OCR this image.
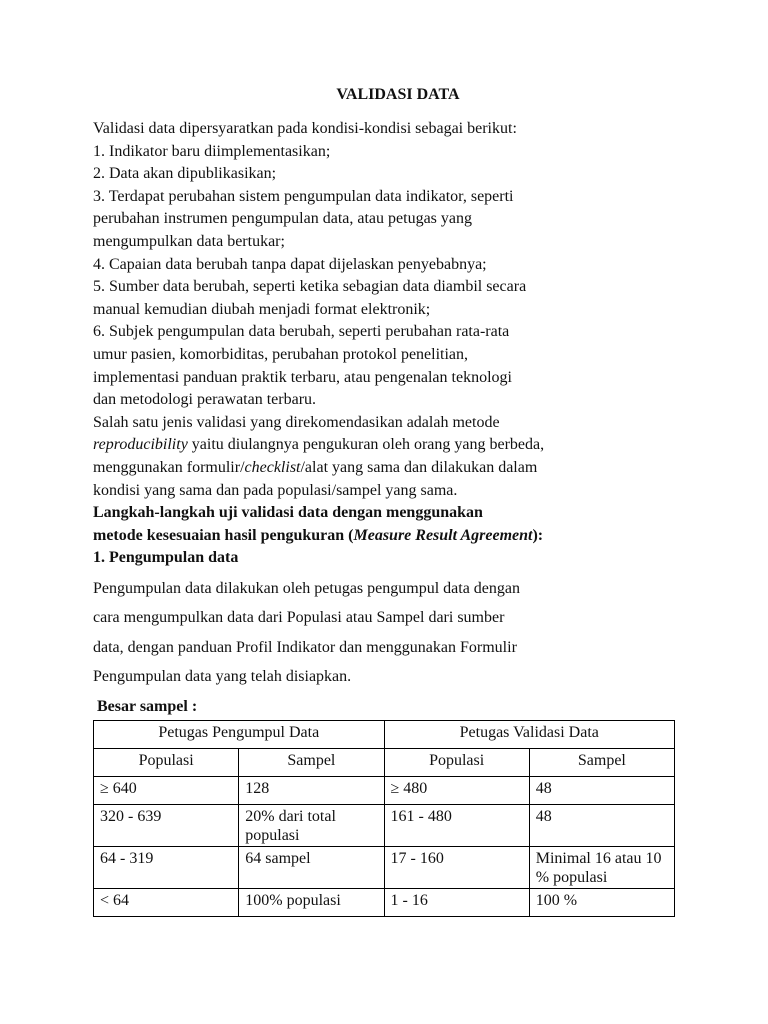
VALIDASI DATA

Validasi data dipersyaratkan pada kondisi-kondisi sebagai berikut:

1. Indikator baru diimplementasikan;

2. Data akan dipublikasikan;

3. Terdapat perubahan sistem pengumpulan data indikator, seperti

perubahan instrumen pengumpulan data, atau petugas yang

mengumpulkan data bertukar;

4. Capaian data berubah tanpa dapat dijelaskan penyebabnya;

5. Sumber data berubah, seperti ketika sebagian data diambil secara

manual kemudian diubah menjadi format elektronik;

6. Subjek pengumpulan data berubah, seperti perubahan rata-rata

umur pasien, komorbiditas, perubahan protokol penelitian,

implementasi panduan praktik terbaru, atau pengenalan teknologi

dan metodologi perawatan terbaru.

Salah satu jenis validasi yang direkomendasikan adalah metode

reproducibility yaitu diulangnya pengukuran oleh orang yang berbeda,

menggunakan formulir/checklist/alat yang sama dan dilakukan dalam

kondisi yang sama dan pada populasi/sampel yang sama.

Langkah-langkah uji validasi data dengan menggunakan

metode kesesuaian hasil pengukuran (Measure Result Agreement):

1. Pengumpulan data

Pengumpulan data dilakukan oleh petugas pengumpul data dengan

cara mengumpulkan data dari Populasi atau Sampel dari sumber

data, dengan panduan Profil Indikator dan menggunakan Formulir

Pengumpulan data yang telah disiapkan.

Besar sampel :
Petugas Pengumpul Data		Petugas Validasi Data	
Populasi	Sampel	Populasi	Sampel
≥ 640	128	≥ 480	48
320 - 639	20% dari total populasi	161 - 480	48
64 - 319	64 sampel	17 - 160	Minimal 16 atau 10 % populasi
< 64	100% populasi	1 - 16	100 %
